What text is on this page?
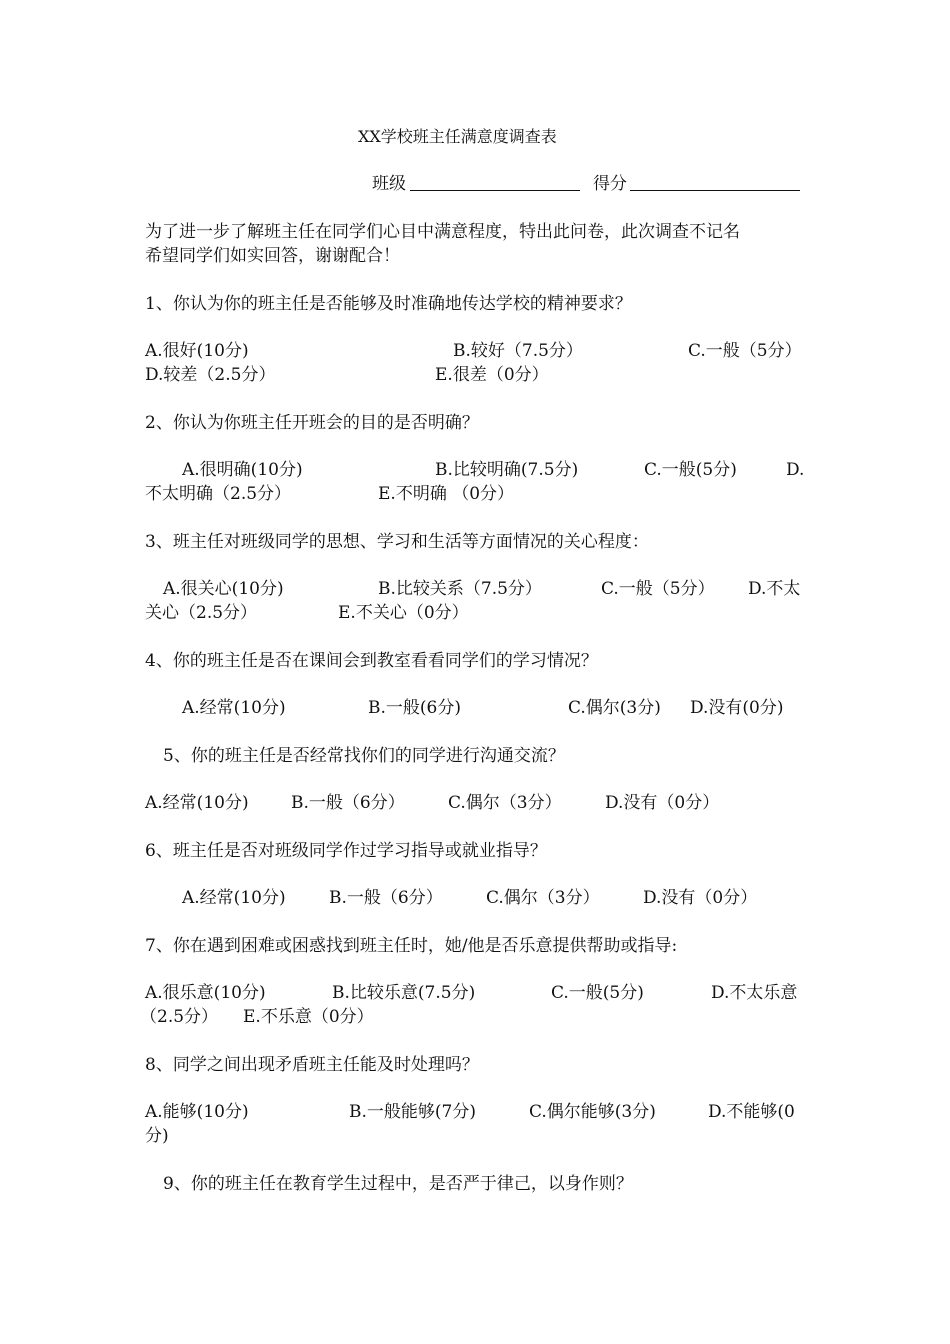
XX学校班主任满意度调查表
班级	得分
为了进一步了解班主任在同学们心目中满意程度，特出此问卷，此次调查不记名
希望同学们如实回答，谢谢配合！
1、你认为你的班主任是否能够及时准确地传达学校的精神要求？
A.很好(10分)	B.较好（7.5分）	C.一般（5分）
D.较差（2.5分）	E.很差（0分）
2、你认为你班主任开班会的目的是否明确？
A.很明确(10分)	B.比较明确(7.5分)	C.一般(5分)	D.
不太明确（2.5分）	E.不明确 （0分）
3、班主任对班级同学的思想、学习和生活等方面情况的关心程度：
A.很关心(10分)	B.比较关系（7.5分）	C.一般（5分） D.不太
关心（2.5分）	E.不关心（0分）
4、你的班主任是否在课间会到教室看看同学们的学习情况？
A.经常(10分)	B.一般(6分)	C.偶尔(3分) D.没有(0分)
5、你的班主任是否经常找你们的同学进行沟通交流？
A.经常(10分) B.一般（6分）	C.偶尔（3分）	D.没有（0分）
6、班主任是否对班级同学作过学习指导或就业指导？
A.经常(10分)	B.一般（6分）	C.偶尔（3分）	D.没有（0分）
7、你在遇到困难或困惑找到班主任时，她/他是否乐意提供帮助或指导:
A.很乐意(10分)	B.比较乐意(7.5分)	C.一般(5分)	D.不太乐意
（2.5分） E.不乐意（0分）
8、同学之间出现矛盾班主任能及时处理吗？
A.能够(10分)	B.一般能够(7分)	C.偶尔能够(3分)	D.不能够(0
分)
9、你的班主任在教育学生过程中，是否严于律己，以身作则？
